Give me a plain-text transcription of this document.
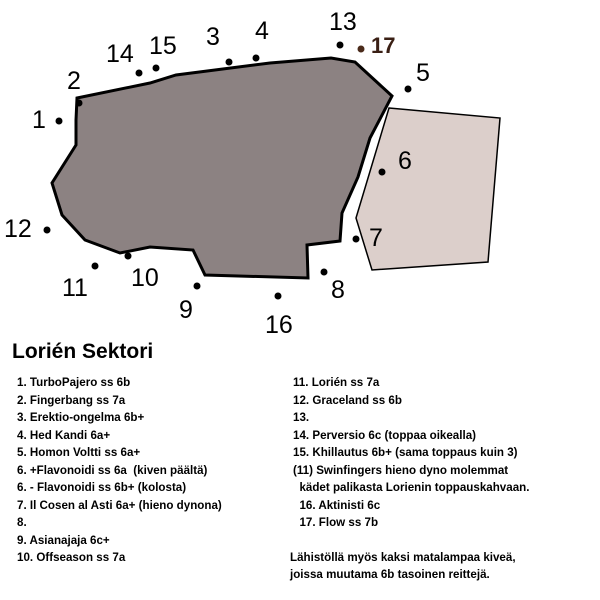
1
2
3 4
5
6
7
8
9
10
11
12
13
14 15
16
17
Lorién Sektori
1. TurboPajero ss 6b
2. Fingerbang ss 7a
3. Erektio-ongelma 6b+
4. Hed Kandi 6a+
5. Homon Voltti ss 6a+
6. +Flavonoidi ss 6a  (kiven päältä)
6. - Flavonoidi ss 6b+ (kolosta)
7. Il Cosen al Asti 6a+ (hieno dynona)
8.
9. Asianajaja 6c+
10. Offseason ss 7a
11. Lorién ss 7a
12. Graceland ss 6b
13.
14. Perversio 6c (toppaa oikealla)
15. Khillautus 6b+ (sama toppaus kuin 3)
(11) Swinfingers hieno dyno molemmat
kädet palikasta Lorienin toppauskahvaan.
16. Aktinisti 6c
17. Flow ss 7b
Lähistöllä myös kaksi matalampaa kiveä,
joissa muutama 6b tasoinen reittejä.
